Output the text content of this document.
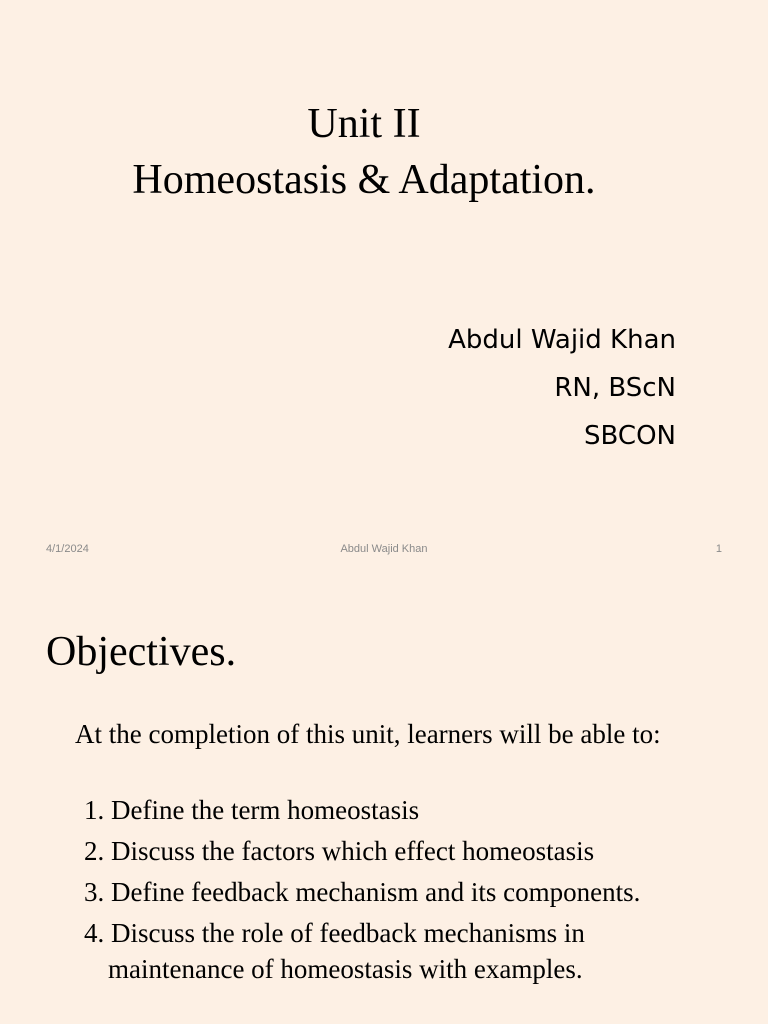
Unit II
Homeostasis & Adaptation.
Abdul Wajid Khan
RN, BScN
SBCON
4/1/2024	Abdul Wajid Khan	1
Objectives.
At the completion of this unit, learners will be able to:
1. Define the term homeostasis
2. Discuss the factors which effect homeostasis
3. Define feedback mechanism and its components.
4. Discuss the role of feedback mechanisms in
maintenance of homeostasis with examples.
